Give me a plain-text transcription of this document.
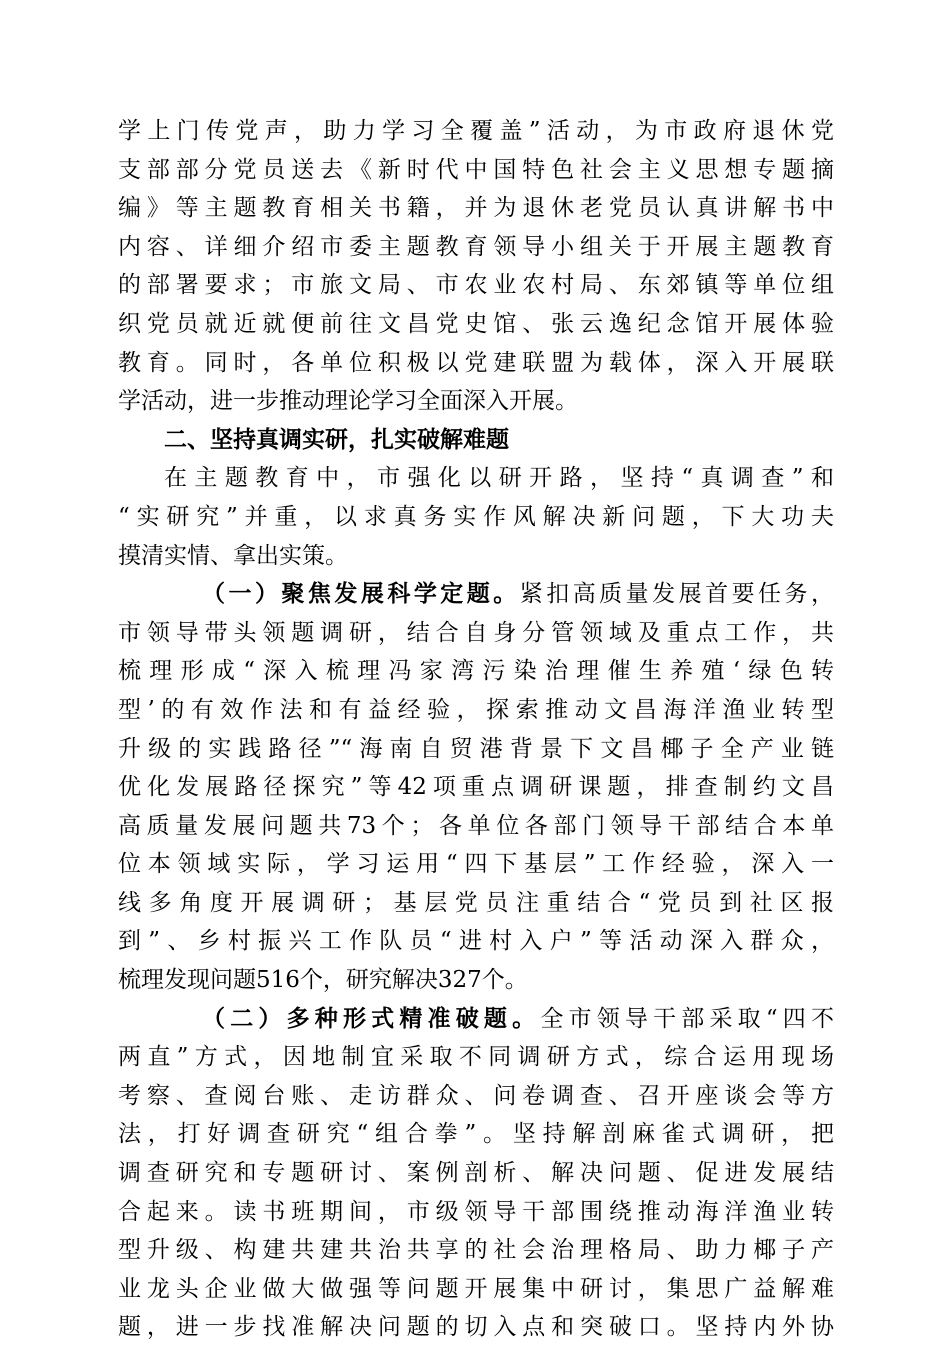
学上门传党声，助力学习全覆盖”活动，为市政府退休党
支部部分党员送去《新时代中国特色社会主义思想专题摘
编》等主题教育相关书籍，并为退休老党员认真讲解书中
内容、详细介绍市委主题教育领导小组关于开展主题教育
的部署要求；市旅文局、市农业农村局、东郊镇等单位组
织党员就近就便前往文昌党史馆、张云逸纪念馆开展体验
教育。同时，各单位积极以党建联盟为载体，深入开展联
学活动，进一步推动理论学习全面深入开展。
二、坚持真调实研，扎实破解难题
在主题教育中，市强化以研开路，坚持“真调查”和
“实研究”并重，以求真务实作风解决新问题，下大功夫
摸清实情、拿出实策。
（一）聚焦发展科学定题。紧扣高质量发展首要任务，
市领导带头领题调研，结合自身分管领域及重点工作，共
梳理形成“深入梳理冯家湾污染治理催生养殖‘绿色转
型’的有效作法和有益经验，探索推动文昌海洋渔业转型
升级的实践路径”“海南自贸港背景下文昌椰子全产业链
优化发展路径探究”等42项重点调研课题，排查制约文昌
高质量发展问题共73个；各单位各部门领导干部结合本单
位本领域实际，学习运用“四下基层”工作经验，深入一
线多角度开展调研；基层党员注重结合“党员到社区报
到”、乡村振兴工作队员“进村入户”等活动深入群众，
梳理发现问题516个，研究解决327个。
（二）多种形式精准破题。全市领导干部采取“四不
两直”方式，因地制宜采取不同调研方式，综合运用现场
考察、查阅台账、走访群众、问卷调查、召开座谈会等方
法，打好调查研究“组合拳”。坚持解剖麻雀式调研，把
调查研究和专题研讨、案例剖析、解决问题、促进发展结
合起来。读书班期间，市级领导干部围绕推动海洋渔业转
型升级、构建共建共治共享的社会治理格局、助力椰子产
业龙头企业做大做强等问题开展集中研讨，集思广益解难
题，进一步找准解决问题的切入点和突破口。坚持内外协
